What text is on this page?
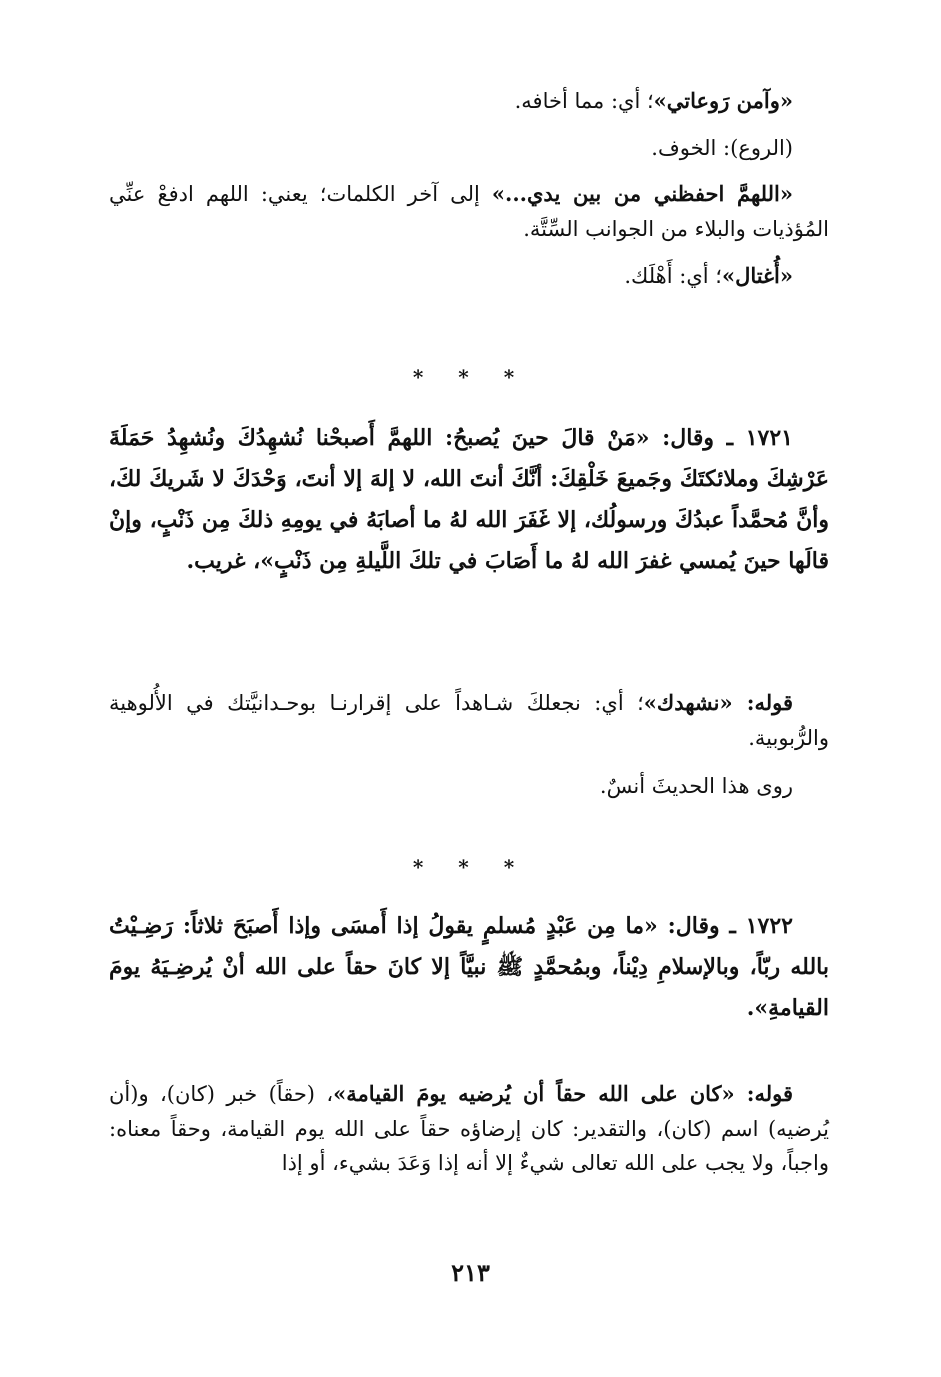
«وآمن رَوعاتي»؛ أي: مما أخافه.
(الروع): الخوف.
«اللهمَّ احفظني من بين يدي...» إلى آخر الكلمات؛ يعني: اللهم ادفعْ عنِّي المُؤذيات والبلاء من الجوانب السِّتَّة.
«أُغتال»؛ أي: أَهْلَك.
* * *
١٧٢١ ـ وقال: «مَنْ قالَ حينَ يُصبحُ: اللهمَّ أَصبحْنا نُشهِدُكَ ونُشهِدُ حَمَلَةَ عَرْشِكَ وملائكتَكَ وجَميعَ خَلْقِكَ: أنَّكَ أنتَ الله، لا إلهَ إلا أنتَ، وَحْدَكَ لا شَريكَ لكَ، وأنَّ مُحمَّداً عبدُكَ ورسولُك، إلا غَفَرَ الله لهُ ما أصابَهُ في يومِهِ ذلكَ مِن ذَنْبٍ، وإنْ قالَها حينَ يُمسي غفرَ الله لهُ ما أَصَابَ في تلكَ اللَّيلةِ مِن ذَنْبٍ»، غريب.
قوله: «نشهدك»؛ أي: نجعلكَ شـاهداً على إقرارنـا بوحـدانيَّتك في الأُلوهية والرُّبوبية.
روى هذا الحديثَ أنسٌ.
* * *
١٧٢٢ ـ وقال: «ما مِن عَبْدٍ مُسلمٍ يقولُ إذا أَمسَى وإذا أَصبَحَ ثلاثاً: رَضِـيْتُ بالله ربّاً، وبالإسلامِ دِيْناً، وبمُحمَّدٍ ﷺ نبيَّاً إلا كانَ حقاً على الله أنْ يُرضِـيَهُ يومَ القيامةِ».
قوله: «كان على الله حقاً أن يُرضيه يومَ القيامة»، (حقاً) خبر (كان)، و(أن يُرضيه) اسم (كان)، والتقدير: كان إرضاؤه حقاً على الله يوم القيامة، وحقاً معناه: واجباً، ولا يجب على الله تعالى شيءٌ إلا أنه إذا وَعَدَ بشيء، أو إذا
٢١٣
